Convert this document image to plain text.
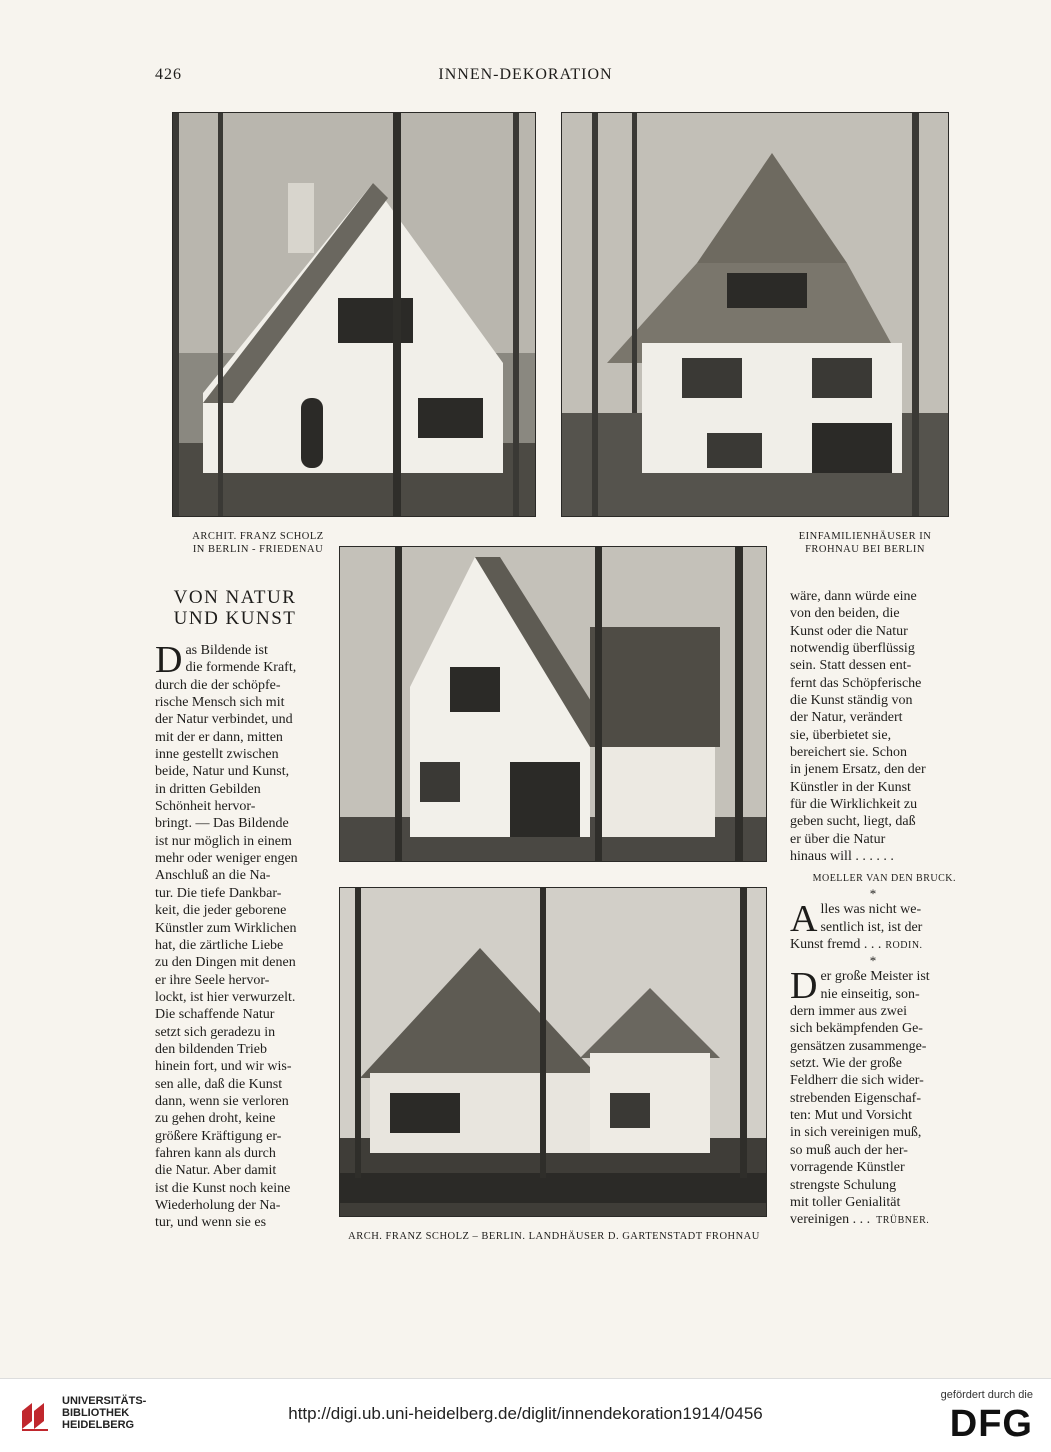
426	INNEN-DEKORATION
ARCHIT. FRANZ SCHOLZ
IN BERLIN - FRIEDENAU
EINFAMILIENHÄUSER IN
FROHNAU BEI BERLIN
ARCH. FRANZ SCHOLZ – BERLIN. LANDHÄUSER D. GARTENSTADT FROHNAU
VON NATUR
UND KUNST
D as Bildende ist
die formende Kraft,
durch die der schöpfe-
rische Mensch sich mit
der Natur verbindet, und
mit der er dann, mitten
inne gestellt zwischen
beide, Natur und Kunst,
in dritten Gebilden
Schönheit hervor-
bringt. — Das Bildende
ist nur möglich in einem
mehr oder weniger engen
Anschluß an die Na-
tur. Die tiefe Dankbar-
keit, die jeder geborene
Künstler zum Wirklichen
hat, die zärtliche Liebe
zu den Dingen mit denen
er ihre Seele hervor-
lockt, ist hier verwurzelt.
Die schaffende Natur
setzt sich geradezu in
den bildenden Trieb
hinein fort, und wir wis-
sen alle, daß die Kunst
dann, wenn sie verloren
zu gehen droht, keine
größere Kräftigung er-
fahren kann als durch
die Natur. Aber damit
ist die Kunst noch keine
Wiederholung der Na-
tur, und wenn sie es
wäre, dann würde eine
von den beiden, die
Kunst oder die Natur
notwendig überflüssig
sein. Statt dessen ent-
fernt das Schöpferische
die Kunst ständig von
der Natur, verändert
sie, überbietet sie,
bereichert sie. Schon
in jenem Ersatz, den der
Künstler in der Kunst
für die Wirklichkeit zu
geben sucht, liegt, daß
er über die Natur
hinaus will . . . . . .
MOELLER VAN DEN BRUCK.
*
A lles was nicht we-
sentlich ist, ist der
Kunst fremd . . . RODIN.
*
D er große Meister ist
nie einseitig, son-
dern immer aus zwei
sich bekämpfenden Ge-
gensätzen zusammenge-
setzt. Wie der große
Feldherr die sich wider-
strebenden Eigenschaf-
ten: Mut und Vorsicht
in sich vereinigen muß,
so muß auch der her-
vorragende Künstler
strengste Schulung
mit toller Genialität
vereinigen . . . TRÜBNER.
UNIVERSITÄTS-
BIBLIOTHEK
HEIDELBERG
http://digi.ub.uni-heidelberg.de/diglit/innendekoration1914/0456
gefördert durch die
DFG
